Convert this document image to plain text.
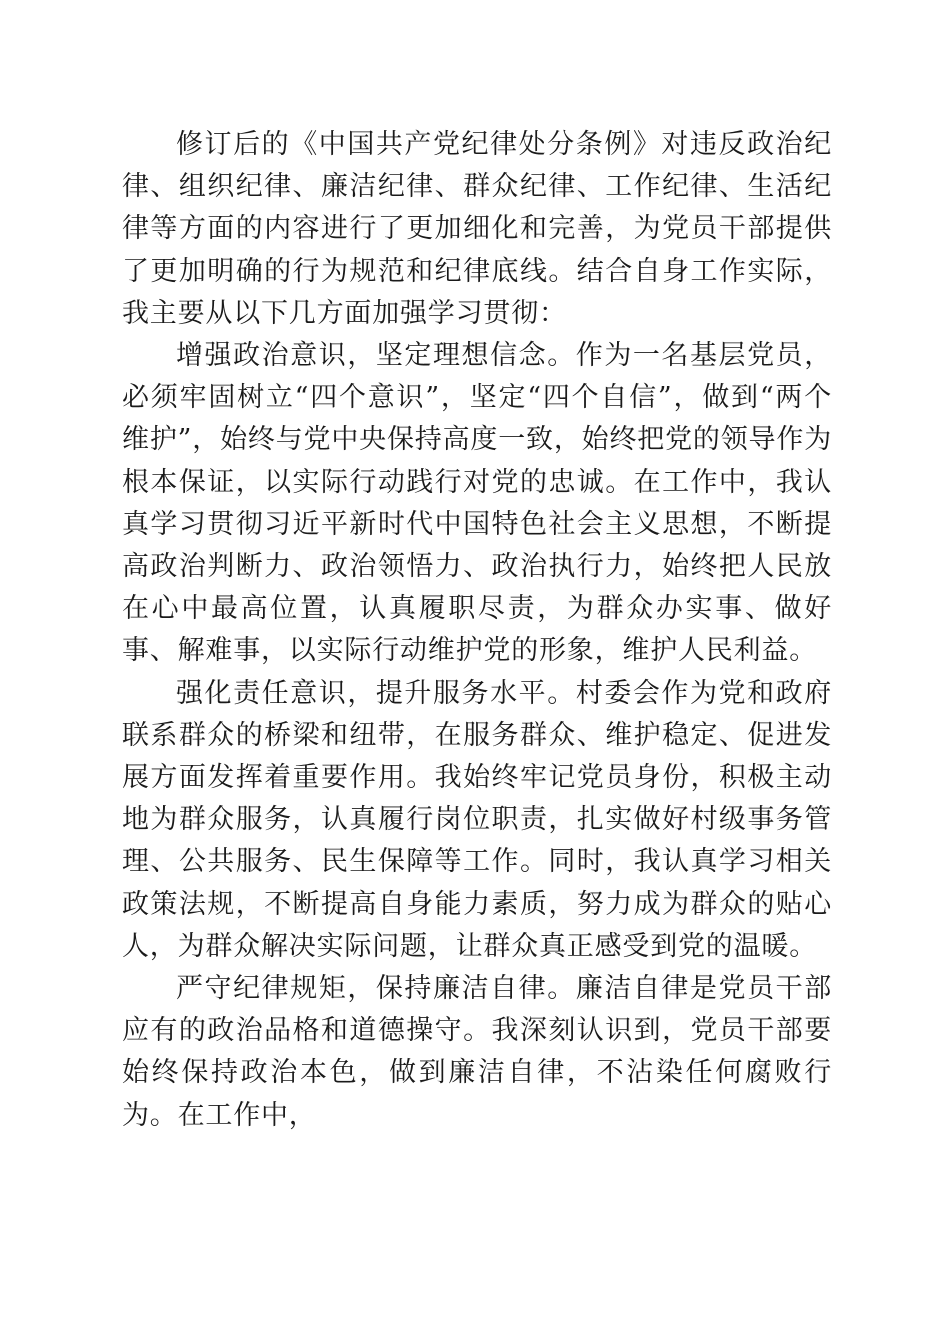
修订后的《中国共产党纪律处分条例》对违反政治纪律、组织纪律、廉洁纪律、群众纪律、工作纪律、生活纪律等方面的内容进行了更加细化和完善，为党员干部提供了更加明确的行为规范和纪律底线。结合自身工作实际，我主要从以下几方面加强学习贯彻：

增强政治意识，坚定理想信念。作为一名基层党员，必须牢固树立“四个意识”，坚定“四个自信”，做到“两个维护”，始终与党中央保持高度一致，始终把党的领导作为根本保证，以实际行动践行对党的忠诚。在工作中，我认真学习贯彻习近平新时代中国特色社会主义思想，不断提高政治判断力、政治领悟力、政治执行力，始终把人民放在心中最高位置，认真履职尽责，为群众办实事、做好事、解难事，以实际行动维护党的形象，维护人民利益。

强化责任意识，提升服务水平。村委会作为党和政府联系群众的桥梁和纽带，在服务群众、维护稳定、促进发展方面发挥着重要作用。我始终牢记党员身份，积极主动地为群众服务，认真履行岗位职责，扎实做好村级事务管理、公共服务、民生保障等工作。同时，我认真学习相关政策法规，不断提高自身能力素质，努力成为群众的贴心人，为群众解决实际问题，让群众真正感受到党的温暖。

严守纪律规矩，保持廉洁自律。廉洁自律是党员干部应有的政治品格和道德操守。我深刻认识到，党员干部要始终保持政治本色，做到廉洁自律，不沾染任何腐败行为。在工作中，
